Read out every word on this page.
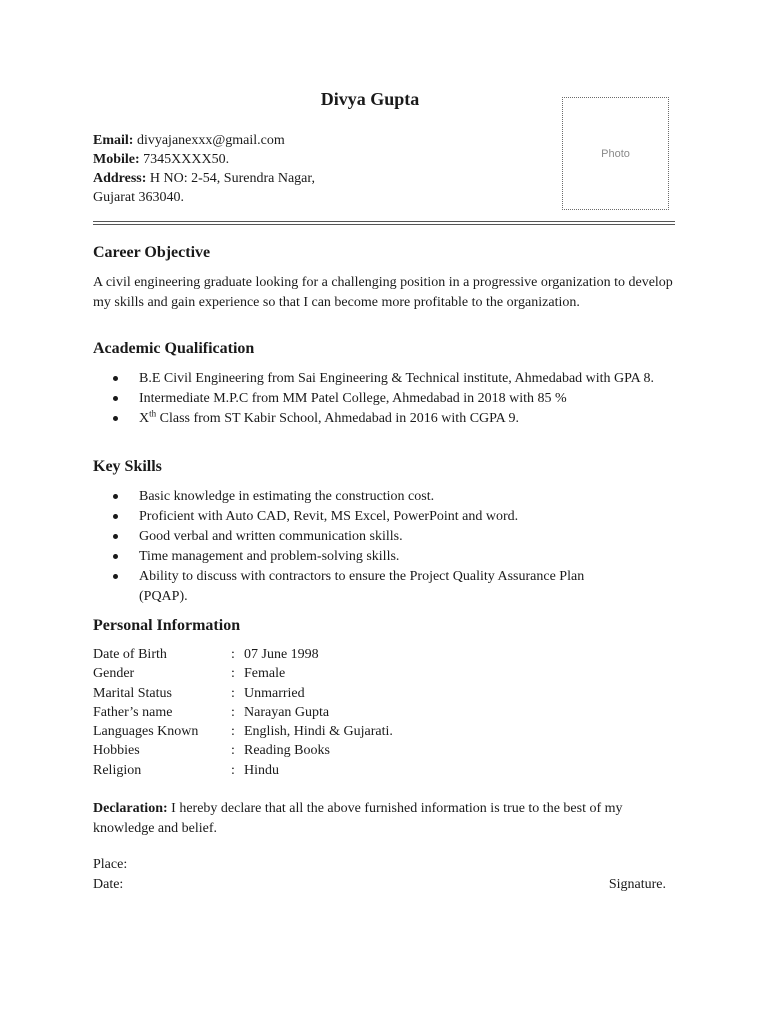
Divya Gupta
Email: divyajanexxx@gmail.com
Mobile: 7345XXXX50.
Address: H NO: 2-54, Surendra Nagar,
Gujarat 363040.
Photo
Career Objective
A civil engineering graduate looking for a challenging position in a progressive organization to develop my skills and gain experience so that I can become more profitable to the organization.
Academic Qualification
B.E Civil Engineering from Sai Engineering & Technical institute, Ahmedabad with GPA 8.
Intermediate M.P.C from MM Patel College, Ahmedabad in 2018 with 85 %
Xth Class from ST Kabir School, Ahmedabad in 2016 with CGPA 9.
Key Skills
Basic knowledge in estimating the construction cost.
Proficient with Auto CAD, Revit, MS Excel, PowerPoint and word.
Good verbal and written communication skills.
Time management and problem-solving skills.
Ability to discuss with contractors to ensure the Project Quality Assurance Plan (PQAP).
Personal Information
Date of Birth	: 07 June 1998
Gender	: Female
Marital Status	: Unmarried
Father’s name	: Narayan Gupta
Languages Known	: English, Hindi & Gujarati.
Hobbies	: Reading Books
Religion	: Hindu
Declaration: I hereby declare that all the above furnished information is true to the best of my knowledge and belief.
Place:
Date:	Signature.
